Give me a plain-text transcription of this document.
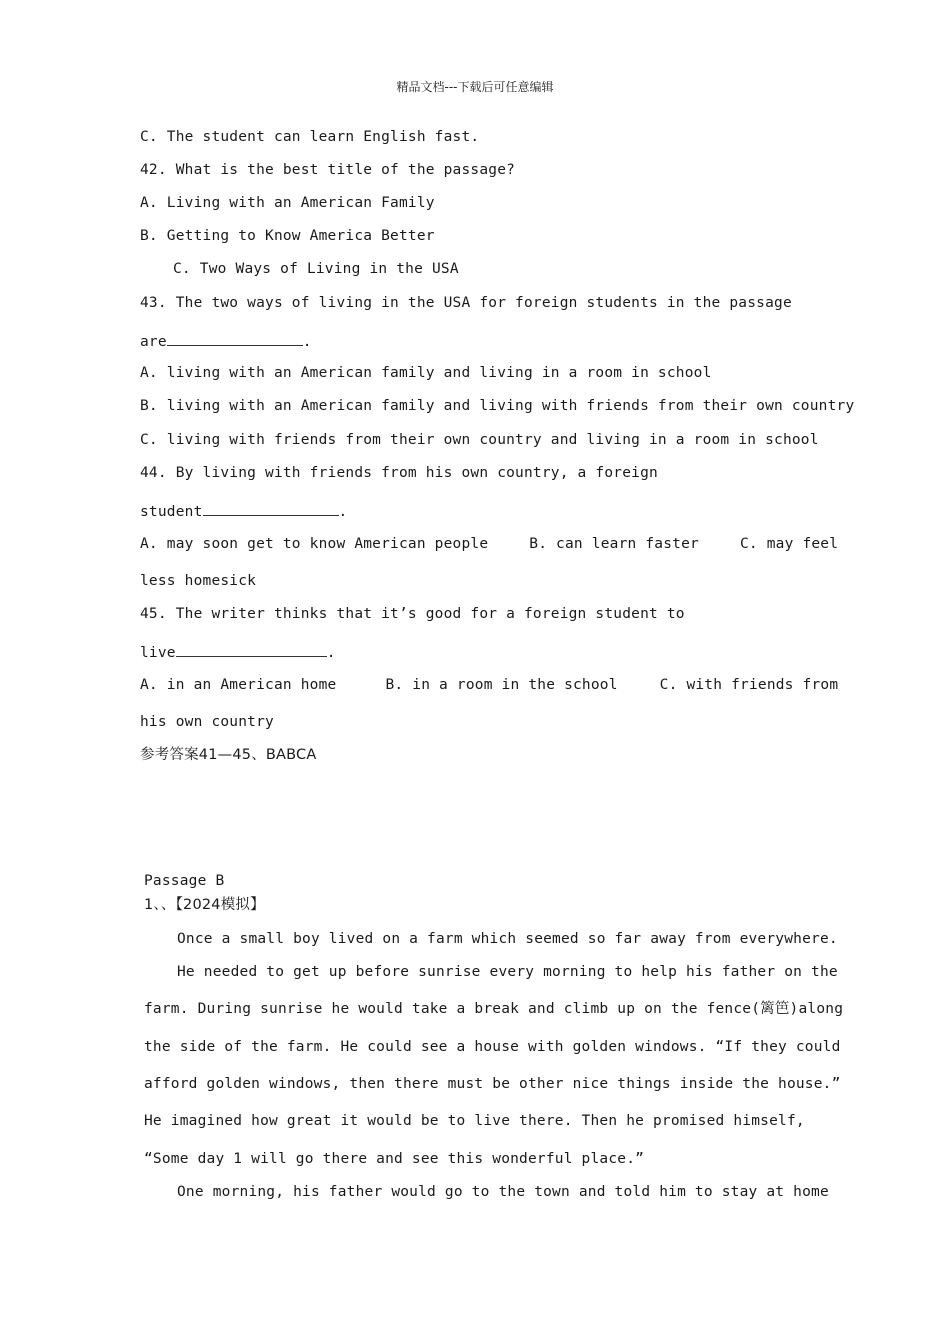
精品文档---下载后可任意编辑
C. The student can learn English fast.
42. What is the best title of the passage?
A. Living with an American Family
B. Getting to Know America Better
C. Two Ways of Living in the USA
43. The two ways of living in the USA for foreign students in the passage
are	.
A. living with an American family and living in a room in school
B. living with an American family and living with friends from their own country
C. living with friends from their own country and living in a room in school
44. By living with friends from his own country, a foreign
student	.
A. may soon get to know American people	B. can learn faster	C. may feel
less homesick
45. The writer thinks that it’s good for a foreign student to
live	.
A. in an American home	B. in a room in the school	C. with friends from
his own country
参考答案41—45、BABCA
Passage B
1、、【2024模拟】
Once a small boy lived on a farm which seemed so far away from everywhere.
He needed to get up before sunrise every morning to help his father on the
farm. During sunrise he would take a break and climb up on the fence(篱笆)along
the side of the farm. He could see a house with golden windows. “If they could
afford golden windows, then there must be other nice things inside the house.”
He imagined how great it would be to live there. Then he promised himself,
“Some day 1 will go there and see this wonderful place.”
One morning, his father would go to the town and told him to stay at home
